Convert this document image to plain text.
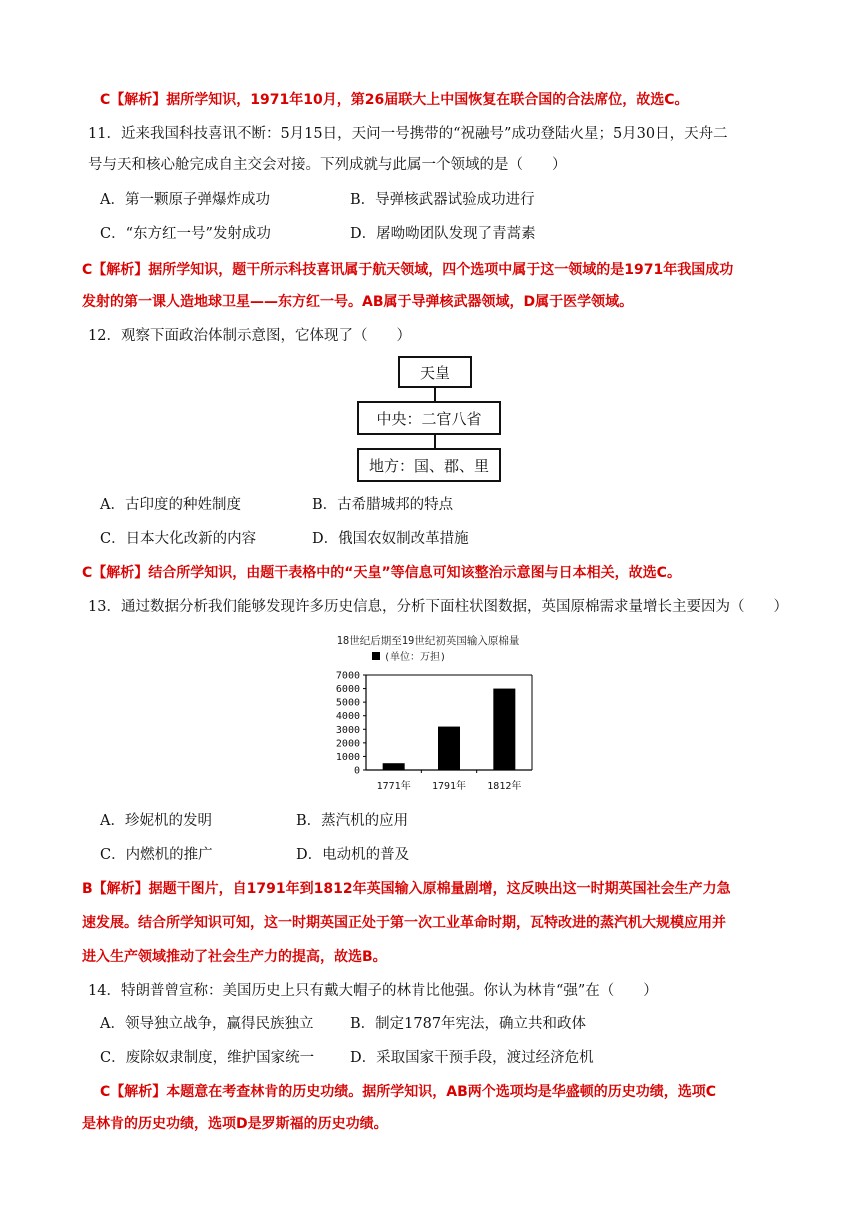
C【解析】据所学知识，1971年10月，第26届联大上中国恢复在联合国的合法席位，故选C。
11．近来我国科技喜讯不断：5月15日，天问一号携带的“祝融号”成功登陆火星；5月30日，天舟二
号与天和核心舱完成自主交会对接。下列成就与此属一个领域的是（　　）
A．第一颗原子弹爆炸成功	B．导弹核武器试验成功进行
C．“东方红一号”发射成功	D．屠呦呦团队发现了青蒿素
C【解析】据所学知识，题干所示科技喜讯属于航天领域，四个选项中属于这一领域的是1971年我国成功
发射的第一课人造地球卫星——东方红一号。AB属于导弹核武器领域，D属于医学领域。
12．观察下面政治体制示意图，它体现了（　　）
天皇
中央：二官八省
地方：国、郡、里
A．古印度的种姓制度	B．古希腊城邦的特点
C．日本大化改新的内容	D．俄国农奴制改革措施
C【解析】结合所学知识，由题干表格中的“天皇”等信息可知该整治示意图与日本相关，故选C。
13．通过数据分析我们能够发现许多历史信息，分析下面柱状图数据，英国原棉需求量增长主要因为（　　）
18世纪后期至19世纪初英国输入原棉量
(单位：万担)
7000
6000
5000
4000
3000
2000
1000
0
1771年 1791年 1812年
A．珍妮机的发明	B．蒸汽机的应用
C．内燃机的推广	D．电动机的普及
B【解析】据题干图片，自1791年到1812年英国输入原棉量剧增，这反映出这一时期英国社会生产力急
速发展。结合所学知识可知，这一时期英国正处于第一次工业革命时期，瓦特改进的蒸汽机大规模应用并
进入生产领域推动了社会生产力的提高，故选B。
14．特朗普曾宣称：美国历史上只有戴大帽子的林肯比他强。你认为林肯“强”在（　　）
A．领导独立战争，赢得民族独立	B．制定1787年宪法，确立共和政体
C．废除奴隶制度，维护国家统一 D．采取国家干预手段，渡过经济危机
C【解析】本题意在考查林肯的历史功绩。据所学知识，AB两个选项均是华盛顿的历史功绩，选项C
是林肯的历史功绩，选项D是罗斯福的历史功绩。
